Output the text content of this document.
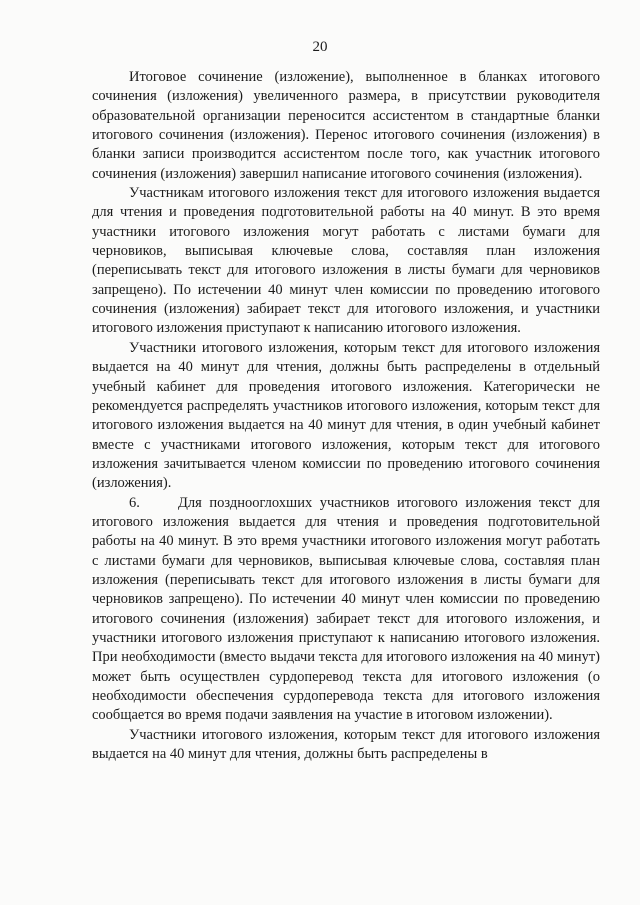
20

Итоговое сочинение (изложение), выполненное в бланках итогового сочинения (изложения) увеличенного размера, в присутствии руководителя образовательной организации переносится ассистентом в стандартные бланки итогового сочинения (изложения). Перенос итогового сочинения (изложения) в бланки записи производится ассистентом после того, как участник итогового сочинения (изложения) завершил написание итогового сочинения (изложения).

Участникам итогового изложения текст для итогового изложения выдается для чтения и проведения подготовительной работы на 40 минут. В это время участники итогового изложения могут работать с листами бумаги для черновиков, выписывая ключевые слова, составляя план изложения (переписывать текст для итогового изложения в листы бумаги для черновиков запрещено). По истечении 40 минут член комиссии по проведению итогового сочинения (изложения) забирает текст для итогового изложения, и участники итогового изложения приступают к написанию итогового изложения.

Участники итогового изложения, которым текст для итогового изложения выдается на 40 минут для чтения, должны быть распределены в отдельный учебный кабинет для проведения итогового изложения. Категорически не рекомендуется распределять участников итогового изложения, которым текст для итогового изложения выдается на 40 минут для чтения, в один учебный кабинет вместе с участниками итогового изложения, которым текст для итогового изложения зачитывается членом комиссии по проведению итогового сочинения (изложения).

6.	Для позднооглохших участников итогового изложения текст для итогового изложения выдается для чтения и проведения подготовительной работы на 40 минут. В это время участники итогового изложения могут работать с листами бумаги для черновиков, выписывая ключевые слова, составляя план изложения (переписывать текст для итогового изложения в листы бумаги для черновиков запрещено). По истечении 40 минут член комиссии по проведению итогового сочинения (изложения) забирает текст для итогового изложения, и участники итогового изложения приступают к написанию итогового изложения. При необходимости (вместо выдачи текста для итогового изложения на 40 минут) может быть осуществлен сурдоперевод текста для итогового изложения (о необходимости обеспечения сурдоперевода текста для итогового изложения сообщается во время подачи заявления на участие в итоговом изложении).

Участники итогового изложения, которым текст для итогового изложения выдается на 40 минут для чтения, должны быть распределены в
